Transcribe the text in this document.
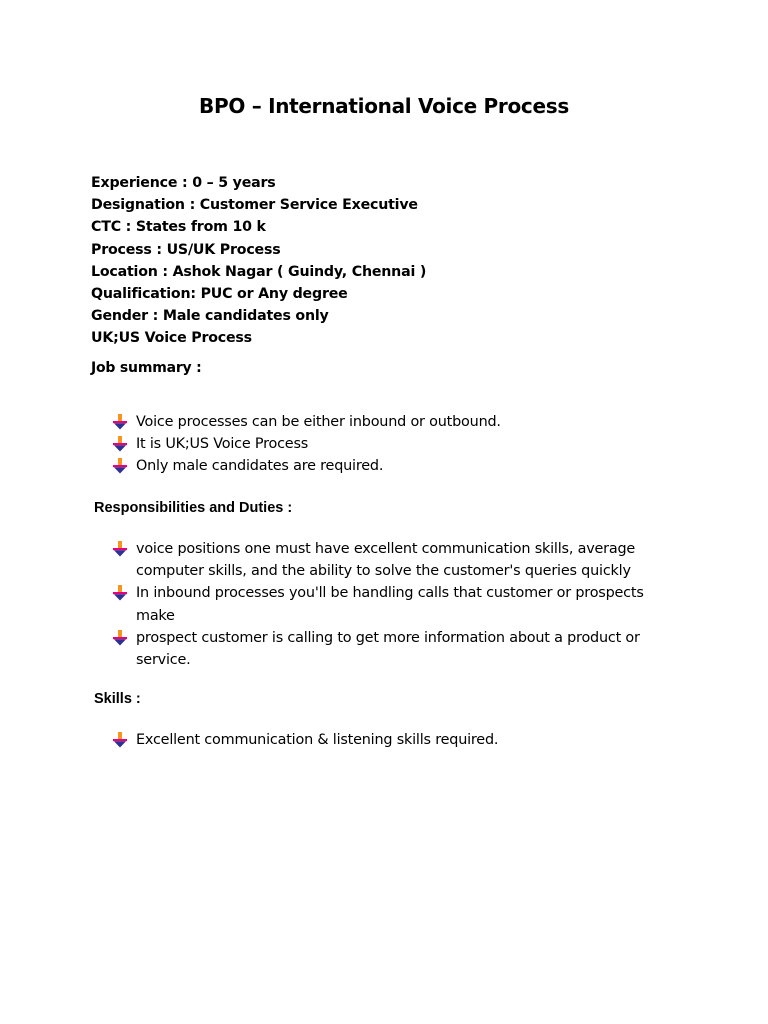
BPO – International Voice Process
Experience : 0 – 5 years
Designation : Customer Service Executive
CTC : States from 10 k
Process : US/UK Process
Location : Ashok Nagar ( Guindy, Chennai )
Qualification: PUC or Any degree
Gender : Male candidates only
UK;US Voice Process
Job summary :
Voice processes can be either inbound or outbound.
It is UK;US Voice Process
Only male candidates are required.
Responsibilities and Duties :
voice positions one must have excellent communication skills, average computer skills, and the ability to solve the customer's queries quickly
In inbound processes you'll be handling calls that customer or prospects make
prospect customer is calling to get more information about a product or service.
Skills :
Excellent communication & listening skills required.
